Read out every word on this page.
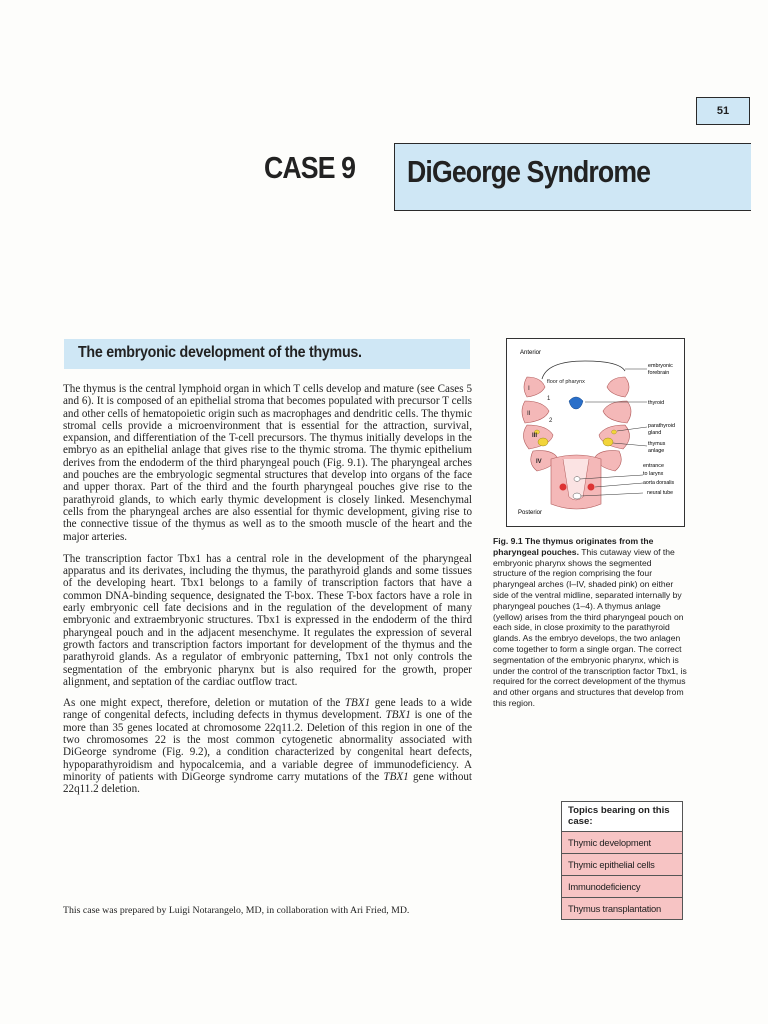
51
CASE 9	DiGeorge Syndrome
The embryonic development of the thymus.

The thymus is the central lymphoid organ in which T cells develop and mature (see Cases 5 and 6). It is composed of an epithelial stroma that becomes populated with precursor T cells and other cells of hematopoietic origin such as macrophages and dendritic cells. The thymic stromal cells provide a microenvironment that is essential for the attraction, survival, expansion, and differentiation of the T-cell precursors. The thymus initially develops in the embryo as an epithelial anlage that gives rise to the thymic stroma. The thymic epithelium derives from the endoderm of the third pharyngeal pouch (Fig. 9.1). The pharyngeal arches and pouches are the embryologic segmental structures that develop into organs of the face and upper thorax. Part of the third and the fourth pharyngeal pouches give rise to the parathyroid glands, to which early thymic development is closely linked. Mesenchymal cells from the pharyngeal arches are also essential for thymic development, giving rise to the connective tissue of the thymus as well as to the smooth muscle of the heart and the major arteries.

The transcription factor Tbx1 has a central role in the development of the pharyngeal apparatus and its derivates, including the thymus, the parathyroid glands and some tissues of the developing heart. Tbx1 belongs to a family of transcription factors that have a common DNA-binding sequence, designated the T-box. These T-box factors have a role in early embryonic cell fate decisions and in the regulation of the development of many embryonic and extraembryonic structures. Tbx1 is expressed in the endoderm of the third pharyngeal pouch and in the adjacent mesenchyme. It regulates the expression of several growth factors and transcription factors important for development of the thymus and the parathyroid glands. As a regulator of embryonic patterning, Tbx1 not only controls the segmentation of the embryonic pharynx but is also required for the growth, proper alignment, and septation of the cardiac outflow tract.

As one might expect, therefore, deletion or mutation of the TBX1 gene leads to a wide range of congenital defects, including defects in thymus development. TBX1 is one of the more than 35 genes located at chromosome 22q11.2. Deletion of this region in one of the two chromosomes 22 is the most common cytogenetic abnormality associated with DiGeorge syndrome (Fig. 9.2), a condition characterized by congenital heart defects, hypoparathyroidism and hypocalcemia, and a variable degree of immunodeficiency. A minority of patients with DiGeorge syndrome carry mutations of the TBX1 gene without 22q11.2 deletion.

This case was prepared by Luigi Notarangelo, MD, in collaboration with Ari Fried, MD.
Anterior
Posterior
I
II
III
IV
1
2
floor of pharynx
embryonic
forebrain
thyroid
parathyroid
gland
thymus
anlage
entrance
to larynx
aorta dorsalis
neural tube
Fig. 9.1 The thymus originates from the pharyngeal pouches. This cutaway view of the embryonic pharynx shows the segmented structure of the region comprising the four pharyngeal arches (I–IV, shaded pink) on either side of the ventral midline, separated internally by pharyngeal pouches (1–4). A thymus anlage (yellow) arises from the third pharyngeal pouch on each side, in close proximity to the parathyroid glands. As the embryo develops, the two anlagen come together to form a single organ. The correct segmentation of the embryonic pharynx, which is under the control of the transcription factor Tbx1, is required for the correct development of the thymus and other organs and structures that develop from this region.
Topics bearing on this case:
Thymic development
Thymic epithelial cells
Immunodeficiency
Thymus transplantation
